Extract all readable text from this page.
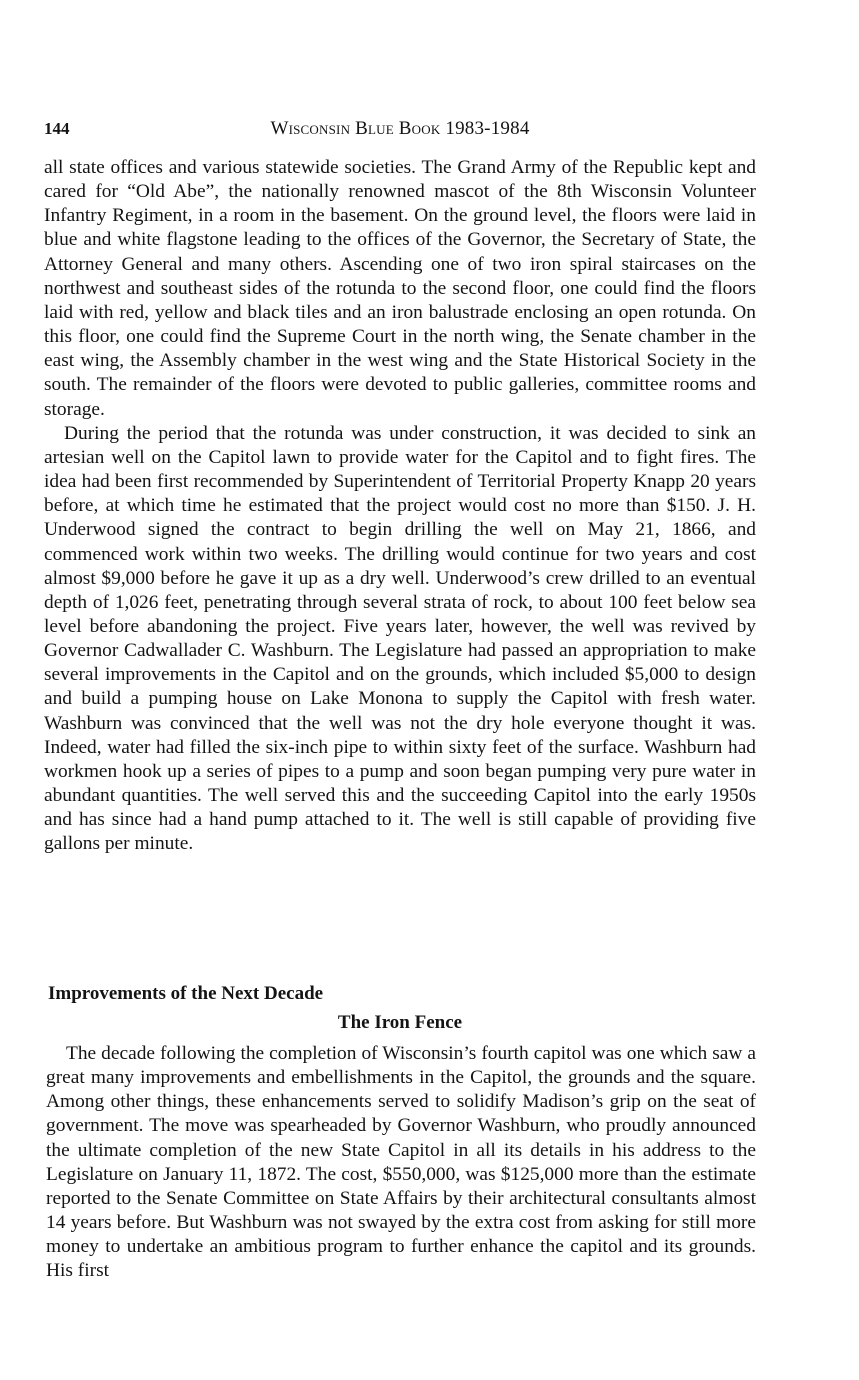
144	Wisconsin Blue Book 1983-1984

all state offices and various statewide societies. The Grand Army of the Republic kept and cared for “Old Abe”, the nationally renowned mascot of the 8th Wisconsin Volunteer Infantry Regiment, in a room in the basement. On the ground level, the floors were laid in blue and white flagstone leading to the offices of the Governor, the Secretary of State, the Attorney General and many others. Ascending one of two iron spiral staircases on the northwest and southeast sides of the rotunda to the second floor, one could find the floors laid with red, yellow and black tiles and an iron balustrade enclosing an open rotunda. On this floor, one could find the Supreme Court in the north wing, the Senate chamber in the east wing, the Assembly chamber in the west wing and the State Historical Society in the south. The remainder of the floors were devoted to public galleries, committee rooms and storage.

During the period that the rotunda was under construction, it was decided to sink an artesian well on the Capitol lawn to provide water for the Capitol and to fight fires. The idea had been first recommended by Superintendent of Territorial Property Knapp 20 years before, at which time he estimated that the project would cost no more than $150. J. H. Underwood signed the contract to begin drilling the well on May 21, 1866, and commenced work within two weeks. The drilling would continue for two years and cost almost $9,000 before he gave it up as a dry well. Underwood’s crew drilled to an eventual depth of 1,026 feet, penetrating through several strata of rock, to about 100 feet below sea level before abandoning the project. Five years later, however, the well was revived by Governor Cadwallader C. Washburn. The Legislature had passed an appropriation to make several improvements in the Capitol and on the grounds, which included $5,000 to design and build a pumping house on Lake Monona to supply the Capitol with fresh water. Washburn was convinced that the well was not the dry hole everyone thought it was. Indeed, water had filled the six-inch pipe to within sixty feet of the surface. Washburn had workmen hook up a series of pipes to a pump and soon began pumping very pure water in abundant quantities. The well served this and the succeeding Capitol into the early 1950s and has since had a hand pump attached to it. The well is still capable of providing five gallons per minute.

Improvements of the Next Decade
The Iron Fence

The decade following the completion of Wisconsin’s fourth capitol was one which saw a great many improvements and embellishments in the Capitol, the grounds and the square. Among other things, these enhancements served to solidify Madison’s grip on the seat of government. The move was spearheaded by Governor Washburn, who proudly announced the ultimate completion of the new State Capitol in all its details in his address to the Legislature on January 11, 1872. The cost, $550,000, was $125,000 more than the estimate reported to the Senate Committee on State Affairs by their architectural consultants almost 14 years before. But Washburn was not swayed by the extra cost from asking for still more money to undertake an ambitious program to further enhance the capitol and its grounds. His first
